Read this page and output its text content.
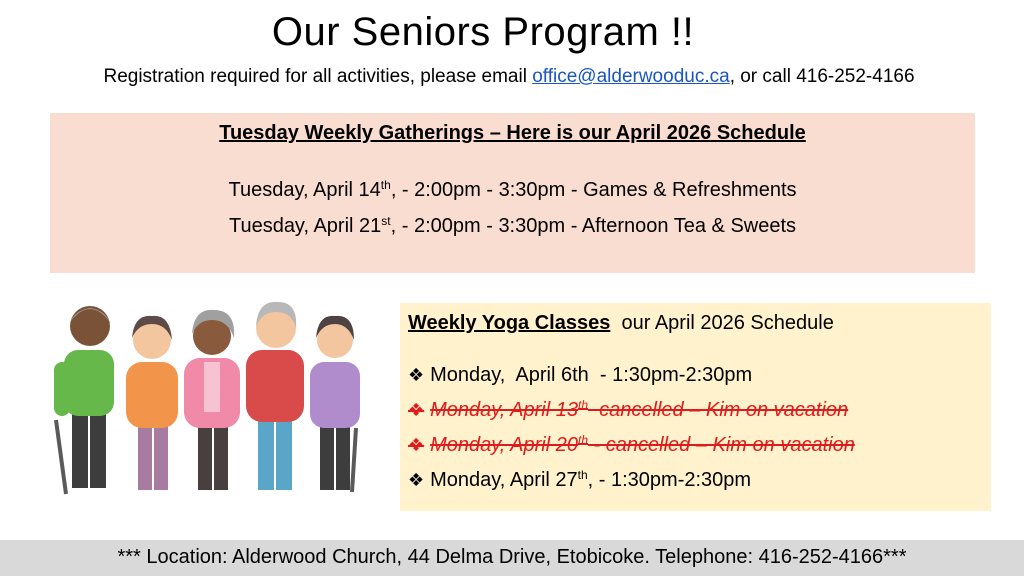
Our Seniors Program !!
Registration required for all activities, please email office@alderwooduc.ca, or call 416-252-4166
Tuesday Weekly Gatherings – Here is our April 2026 Schedule
Tuesday, April 14th, - 2:00pm - 3:30pm - Games & Refreshments
Tuesday, April 21st, - 2:00pm - 3:30pm - Afternoon Tea & Sweets
Weekly Yoga Classes  our April 2026 Schedule
❖ Monday,  April 6th  - 1:30pm-2:30pm
❖ Monday, April 13th  cancelled – Kim on vacation
❖ Monday, April 20th - cancelled – Kim on vacation
❖ Monday, April 27th, - 1:30pm-2:30pm
*** Location: Alderwood Church, 44 Delma Drive, Etobicoke. Telephone: 416-252-4166***
